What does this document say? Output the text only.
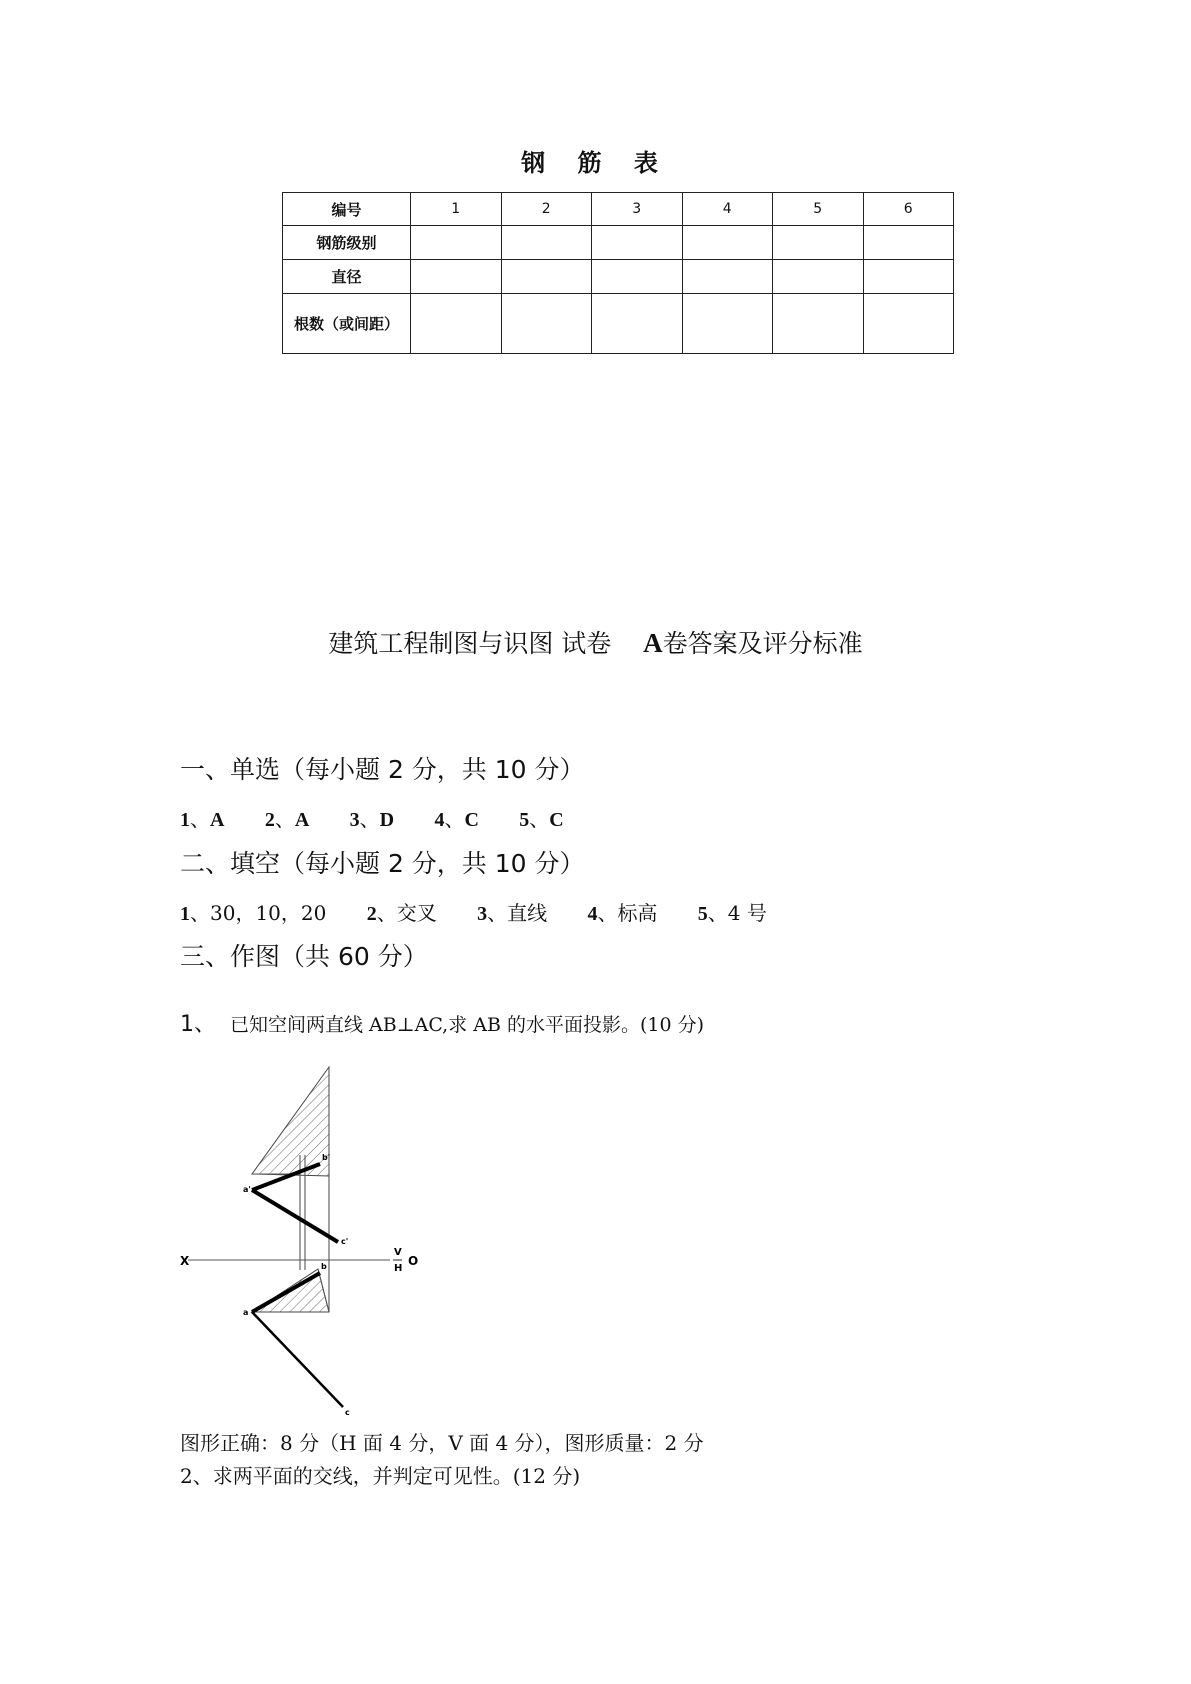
钢 筋 表
编号	1	2	3	4	5	6
钢筋级别						
直径						
根数（或间距）						
建筑工程制图与识图 试卷 A卷答案及评分标准
一、单选（每小题 2 分，共 10 分）
1、A 2、A 3、D 4、C 5、C
二、填空（每小题 2 分，共 10 分）
1、30，10，20 2、交叉 3、直线 4、标高 5、4 号
三、作图（共 60 分）
1、 已知空间两直线 AB⊥AC,求 AB 的水平面投影。(10 分)
X
V
H
O
a'
b'
c'
a
b
c
图形正确：8 分（H 面 4 分，V 面 4 分），图形质量：2 分
2、求两平面的交线，并判定可见性。(12 分)
